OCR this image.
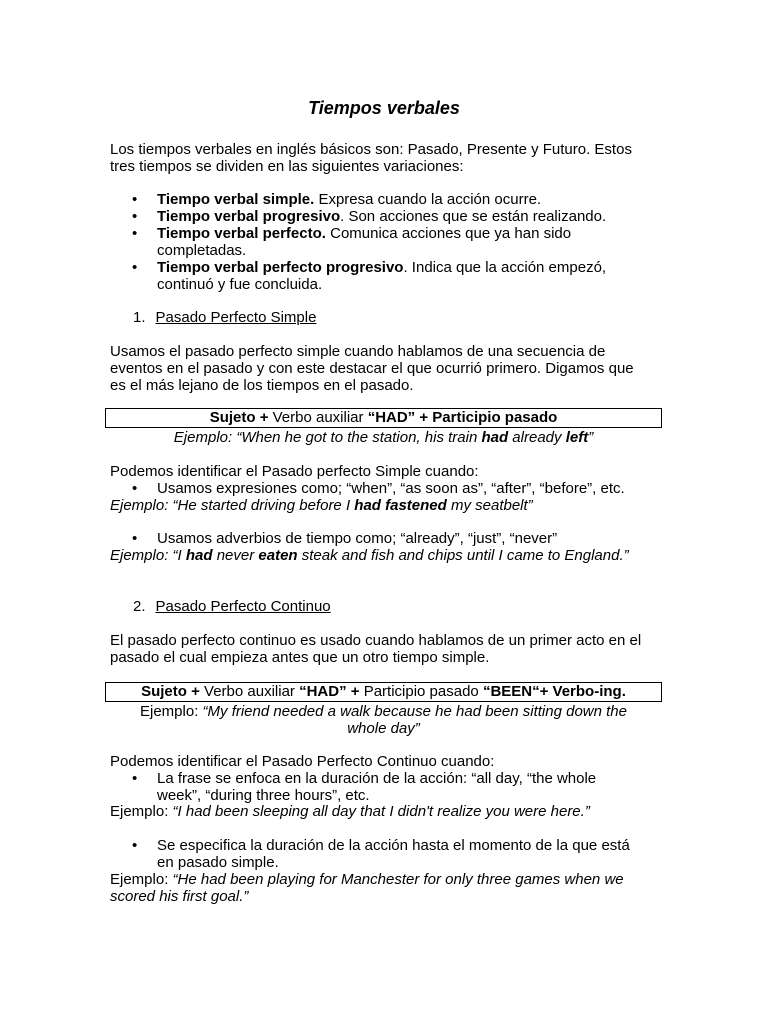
Tiempos verbales
Los tiempos verbales en inglés básicos son: Pasado, Presente y Futuro. Estos
tres tiempos se dividen en las siguientes variaciones:
• Tiempo verbal simple. Expresa cuando la acción ocurre.
• Tiempo verbal progresivo. Son acciones que se están realizando.
• Tiempo verbal perfecto. Comunica acciones que ya han sido
completadas.
• Tiempo verbal perfecto progresivo. Indica que la acción empezó,
continuó y fue concluida.
1. Pasado Perfecto Simple
Usamos el pasado perfecto simple cuando hablamos de una secuencia de
eventos en el pasado y con este destacar el que ocurrió primero. Digamos que
es el más lejano de los tiempos en el pasado.
Sujeto + Verbo auxiliar “HAD” + Participio pasado
Ejemplo: “When he got to the station, his train had already left”
Podemos identificar el Pasado perfecto Simple cuando:
• Usamos expresiones como; “when”, “as soon as”, “after”, “before”, etc.
Ejemplo: “He started driving before I had fastened my seatbelt”
• Usamos adverbios de tiempo como; “already”, “just”, “never”
Ejemplo: “I had never eaten steak and fish and chips until I came to England.”
2. Pasado Perfecto Continuo
El pasado perfecto continuo es usado cuando hablamos de un primer acto en el
pasado el cual empieza antes que un otro tiempo simple.
Sujeto + Verbo auxiliar “HAD” + Participio pasado “BEEN“+ Verbo-ing.
Ejemplo: “My friend needed a walk because he had been sitting down the
whole day”
Podemos identificar el Pasado Perfecto Continuo cuando:
• La frase se enfoca en la duración de la acción: “all day, “the whole
week”, “during three hours”, etc.
Ejemplo: “I had been sleeping all day that I didn't realize you were here.”
• Se especifica la duración de la acción hasta el momento de la que está
en pasado simple.
Ejemplo: “He had been playing for Manchester for only three games when we
scored his first goal.”
